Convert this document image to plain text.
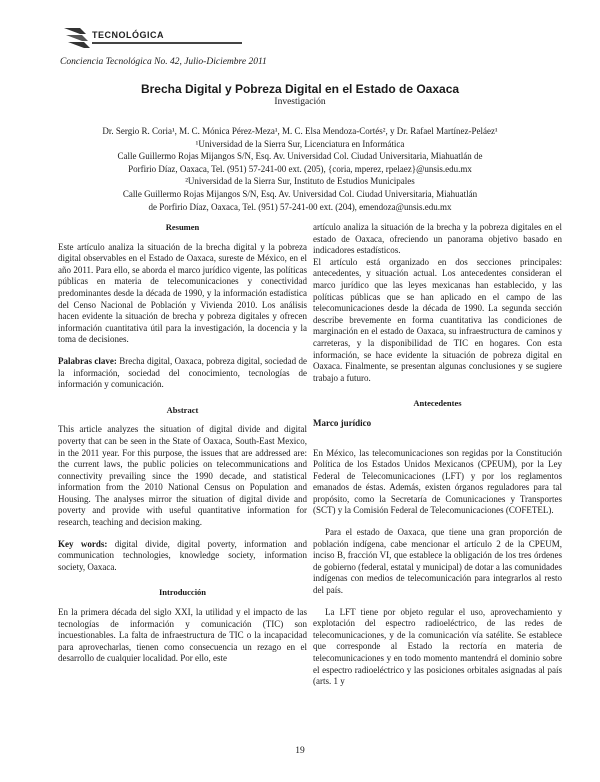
TECNOLÓGICA
Conciencia Tecnológica No. 42, Julio-Diciembre 2011
Brecha Digital y Pobreza Digital en el Estado de Oaxaca
Investigación

Dr. Sergio R. Coria¹, M. C. Mónica Pérez-Meza¹, M. C. Elsa Mendoza-Cortés², y Dr. Rafael Martínez-Peláez¹

¹Universidad de la Sierra Sur, Licenciatura en Informática

Calle Guillermo Rojas Mijangos S/N, Esq. Av. Universidad Col. Ciudad Universitaria, Miahuatlán de

Porfirio Díaz, Oaxaca, Tel. (951) 57-241-00 ext. (205), {coria, mperez, rpelaez}@unsis.edu.mx

²Universidad de la Sierra Sur, Instituto de Estudios Municipales

Calle Guillermo Rojas Mijangos S/N, Esq. Av. Universidad Col. Ciudad Universitaria, Miahuatlán

de Porfirio Díaz, Oaxaca, Tel. (951) 57-241-00 ext. (204), emendoza@unsis.edu.mx

Resumen

Este artículo analiza la situación de la brecha digital y la pobreza digital observables en el Estado de Oaxaca, sureste de México, en el año 2011. Para ello, se aborda el marco jurídico vigente, las políticas públicas en materia de telecomunicaciones y conectividad predominantes desde la década de 1990, y la información estadística del Censo Nacional de Población y Vivienda 2010. Los análisis hacen evidente la situación de brecha y pobreza digitales y ofrecen información cuantitativa útil para la investigación, la docencia y la toma de decisiones.

Palabras clave: Brecha digital, Oaxaca, pobreza digital, sociedad de la información, sociedad del conocimiento, tecnologías de información y comunicación.

Abstract

This article analyzes the situation of digital divide and digital poverty that can be seen in the State of Oaxaca, South-East Mexico, in the 2011 year. For this purpose, the issues that are addressed are: the current laws, the public policies on telecommunications and connectivity prevailing since the 1990 decade, and statistical information from the 2010 National Census on Population and Housing. The analyses mirror the situation of digital divide and poverty and provide with useful quantitative information for research, teaching and decision making.

Key words: digital divide, digital poverty, information and communication technologies, knowledge society, information society, Oaxaca.

Introducción

En la primera década del siglo XXI, la utilidad y el impacto de las tecnologías de información y comunicación (TIC) son incuestionables. La falta de infraestructura de TIC o la incapacidad para aprovecharlas, tienen como consecuencia un rezago en el desarrollo de cualquier localidad. Por ello, este

artículo analiza la situación de la brecha y la pobreza digitales en el estado de Oaxaca, ofreciendo un panorama objetivo basado en indicadores estadísticos.

El artículo está organizado en dos secciones principales: antecedentes, y situación actual. Los antecedentes consideran el marco jurídico que las leyes mexicanas han establecido, y las políticas públicas que se han aplicado en el campo de las telecomunicaciones desde la década de 1990. La segunda sección describe brevemente en forma cuantitativa las condiciones de marginación en el estado de Oaxaca, su infraestructura de caminos y carreteras, y la disponibilidad de TIC en hogares. Con esta información, se hace evidente la situación de pobreza digital en Oaxaca. Finalmente, se presentan algunas conclusiones y se sugiere trabajo a futuro.

Antecedentes
Marco jurídico

En México, las telecomunicaciones son regidas por la Constitución Política de los Estados Unidos Mexicanos (CPEUM), por la Ley Federal de Telecomunicaciones (LFT) y por los reglamentos emanados de éstas. Además, existen órganos reguladores para tal propósito, como la Secretaría de Comunicaciones y Transportes (SCT) y la Comisión Federal de Telecomunicaciones (COFETEL).

Para el estado de Oaxaca, que tiene una gran proporción de población indígena, cabe mencionar el artículo 2 de la CPEUM, inciso B, fracción VI, que establece la obligación de los tres órdenes de gobierno (federal, estatal y municipal) de dotar a las comunidades indígenas con medios de telecomunicación para integrarlos al resto del país.

La LFT tiene por objeto regular el uso, aprovechamiento y explotación del espectro radioeléctrico, de las redes de telecomunicaciones, y de la comunicación vía satélite. Se establece que corresponde al Estado la rectoría en materia de telecomunicaciones y en todo momento mantendrá el dominio sobre el espectro radioeléctrico y las posiciones orbitales asignadas al país (arts. 1 y

19
